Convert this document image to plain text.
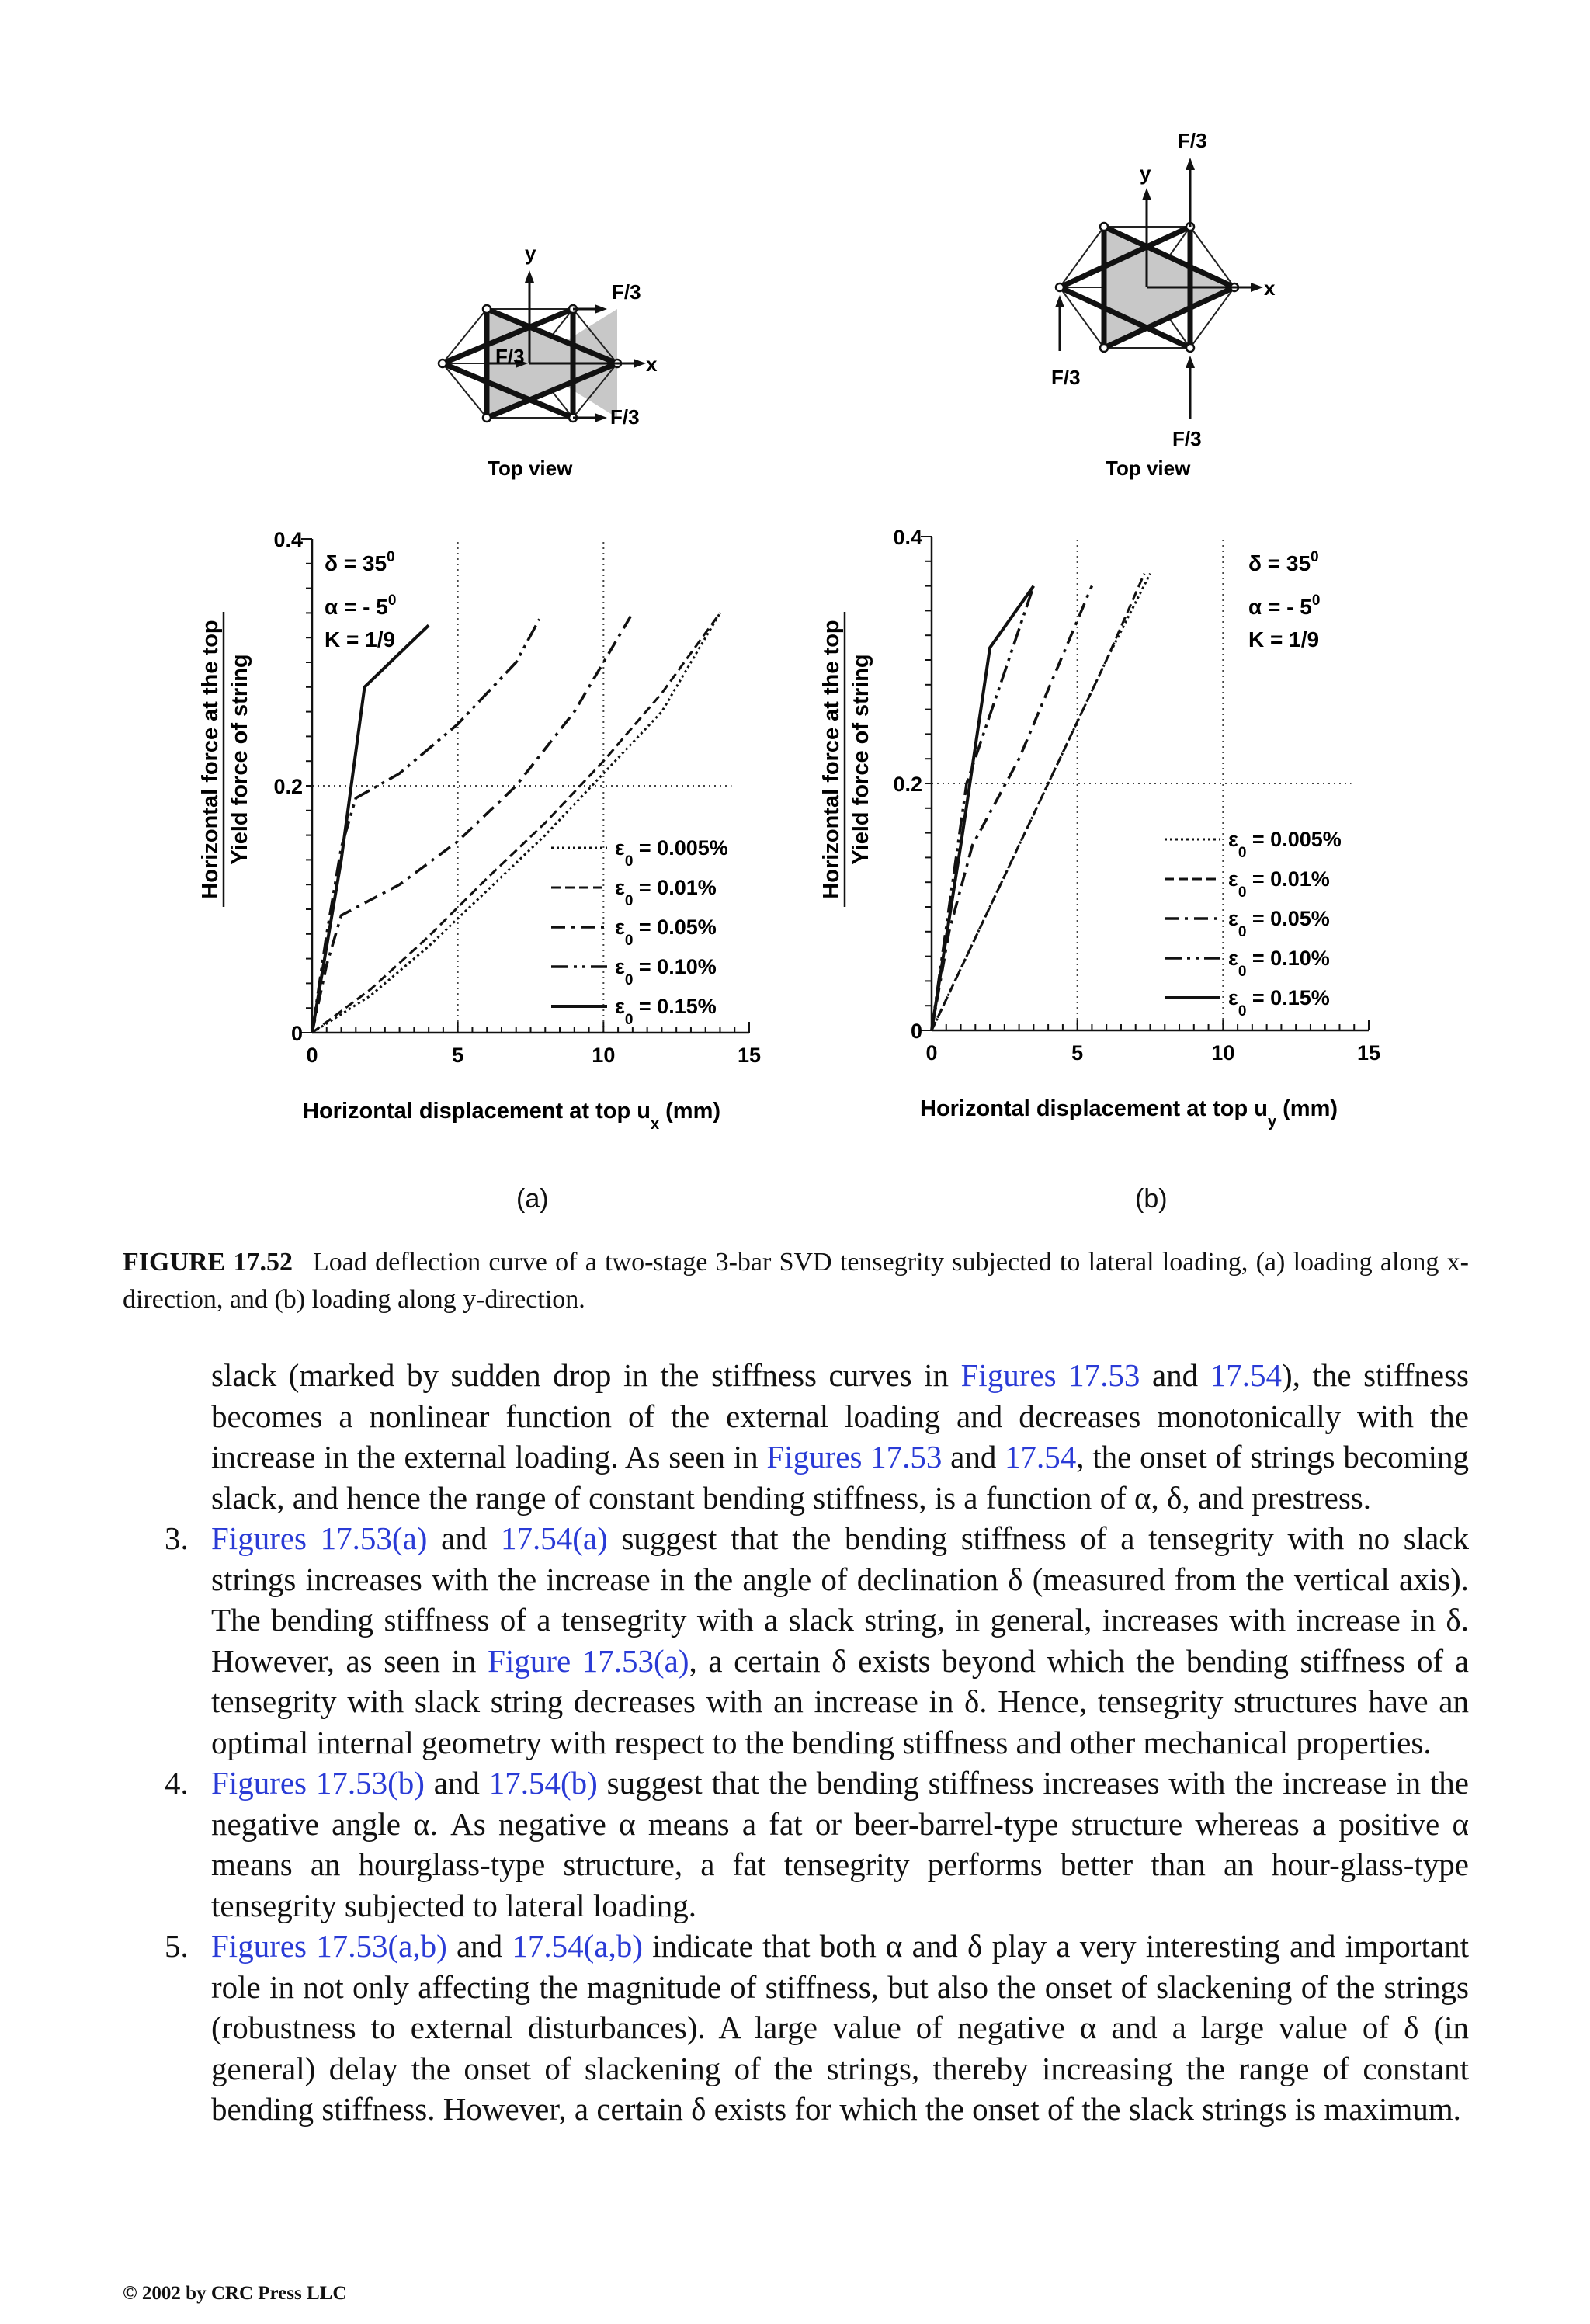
y
x
F/3
F/3
F/3
Top view
y
x
F/3
F/3
F/3
Top view
0	5	10	15
0
0.2
0.4
$\varepsilon_0 = 0.005\%$
$\varepsilon_0 = 0.01\%$
$\varepsilon_0 = 0.05\%$
$\varepsilon_0 = 0.10\%$
$\varepsilon_0 = 0.15\%$
$\delta = 35^0$
α = - $5^0$
K = 1/9
Horizontal force at the top Yield force of string
Horizontal displacement at top $u_x$ (mm)
0	5	10	15
0
0.2
0.4
$\varepsilon_0 = 0.005\%$
$\varepsilon_0 = 0.01\%$
$\varepsilon_0 = 0.05\%$
$\varepsilon_0 = 0.10\%$
$\varepsilon_0 = 0.15\%$
$\delta = 35^0$
α = - $5^0$
K = 1/9
Horizontal force at the top Yield force of string
Horizontal displacement at top $u_y$ (mm)
(a)	(b)
FIGURE 17.52 Load deflection curve of a two-stage 3-bar SVD tensegrity subjected to lateral loading, (a) loading along x-direction, and (b) loading along y-direction.

slack (marked by sudden drop in the stiffness curves in Figures 17.53 and 17.54), the stiffness becomes a nonlinear function of the external loading and decreases monotonically with the increase in the external loading. As seen in Figures 17.53 and 17.54, the onset of strings becoming slack, and hence the range of constant bending stiffness, is a function of α, δ, and prestress.

3. Figures 17.53(a) and 17.54(a) suggest that the bending stiffness of a tensegrity with no slack strings increases with the increase in the angle of declination δ (measured from the vertical axis). The bending stiffness of a tensegrity with a slack string, in general, increases with increase in δ. However, as seen in Figure 17.53(a), a certain δ exists beyond which the bending stiffness of a tensegrity with slack string decreases with an increase in δ. Hence, tensegrity structures have an optimal internal geometry with respect to the bending stiffness and other mechanical properties.
4. Figures 17.53(b) and 17.54(b) suggest that the bending stiffness increases with the increase in the negative angle α. As negative α means a fat or beer-barrel-type structure whereas a positive α means an hourglass-type structure, a fat tensegrity performs better than an hour-glass-type tensegrity subjected to lateral loading.
5. Figures 17.53(a,b) and 17.54(a,b) indicate that both α and δ play a very interesting and important role in not only affecting the magnitude of stiffness, but also the onset of slackening of the strings (robustness to external disturbances). A large value of negative α and a large value of δ (in general) delay the onset of slackening of the strings, thereby increasing the range of constant bending stiffness. However, a certain δ exists for which the onset of the slack strings is maximum.
© 2002 by CRC Press LLC
